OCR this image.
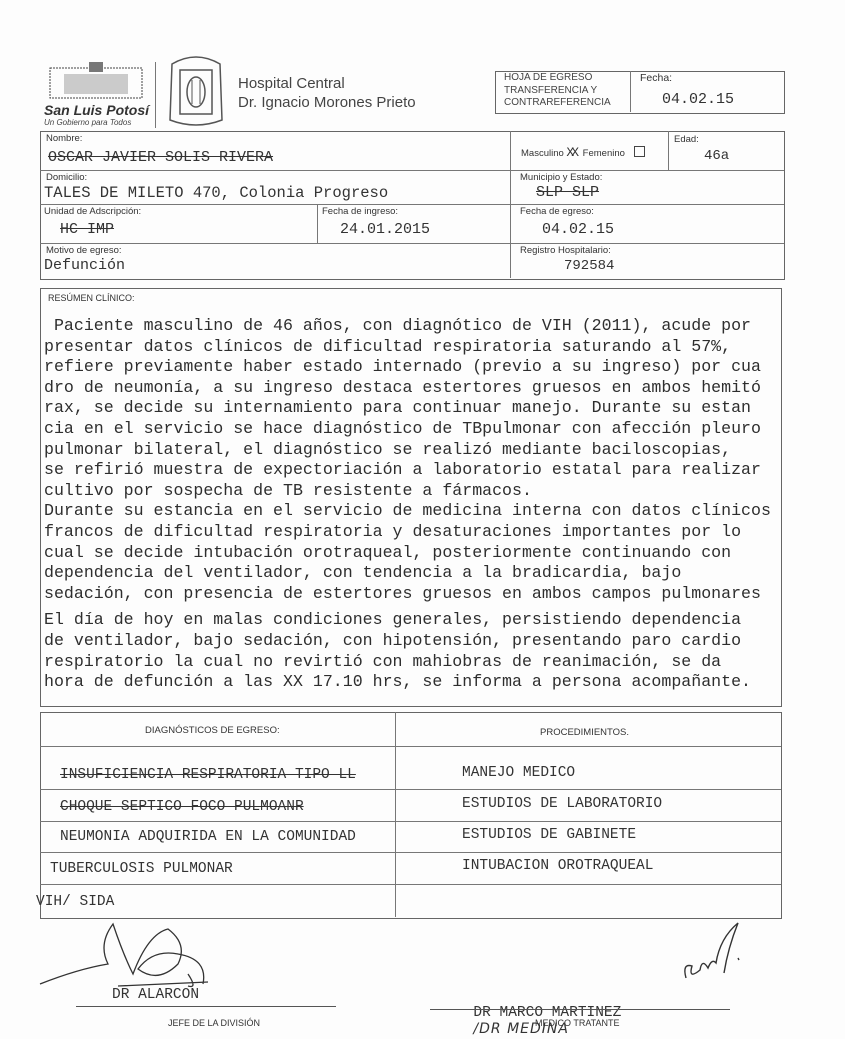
San Luis Potosí
Un Gobierno para Todos
Hospital Central
Dr. Ignacio Morones Prieto
HOJA DE EGRESO
TRANSFERENCIA Y
CONTRAREFERENCIA
Fecha:
04.02.15
Nombre:
OSCAR JAVIER SOLIS RIVERA	Masculino XX Femenino
Edad:
46a
Domicilio:
TALES DE MILETO 470, Colonia Progreso
Municipio y Estado:
SLP SLP
Unidad de Adscripción:
HC IMP
Fecha de ingreso:
24.01.2015
Fecha de egreso:
04.02.15
Motivo de egreso:
Defunción
Registro Hospitalario:
792584
RESÚMEN CLÍNICO:
Paciente masculino de 46 años, con diagnótico de VIH (2011), acude por
presentar datos clínicos de dificultad respiratoria saturando al 57%,
refiere previamente haber estado internado (previo a su ingreso) por cua
dro de neumonía, a su ingreso destaca estertores gruesos en ambos hemitó
rax, se decide su internamiento para continuar manejo. Durante su estan
cia en el servicio se hace diagnóstico de TBpulmonar con afección pleuro
pulmonar bilateral, el diagnóstico se realizó mediante baciloscopias,
se refirió muestra de expectoriación a laboratorio estatal para realizar
cultivo por sospecha de TB resistente a fármacos.
Durante su estancia en el servicio de medicina interna con datos clínicos
francos de dificultad respiratoria y desaturaciones importantes por lo
cual se decide intubación orotraqueal, posteriormente continuando con
dependencia del ventilador, con tendencia a la bradicardia, bajo
sedación, con presencia de estertores gruesos en ambos campos pulmonares
El día de hoy en malas condiciones generales, persistiendo dependencia
de ventilador, bajo sedación, con hipotensión, presentando paro cardio
respiratorio la cual no revirtió con mahiobras de reanimación, se da
hora de defunción a las XX 17.10 hrs, se informa a persona acompañante.
DIAGNÓSTICOS DE EGRESO:	PROCEDIMIENTOS.
INSUFICIENCIA RESPIRATORIA TIPO LL
CHOQUE SEPTICO FOCO PULMOANR
NEUMONIA ADQUIRIDA EN LA COMUNIDAD
TUBERCULOSIS PULMONAR
VIH/ SIDA
MANEJO MEDICO
ESTUDIOS DE LABORATORIO
ESTUDIOS DE GABINETE
INTUBACION OROTRAQUEAL
DR ALARCON
JEFE DE LA DIVISIÓN

DR MARCO MARTINEZ
/DR MEDINA

MEDICO TRATANTE
